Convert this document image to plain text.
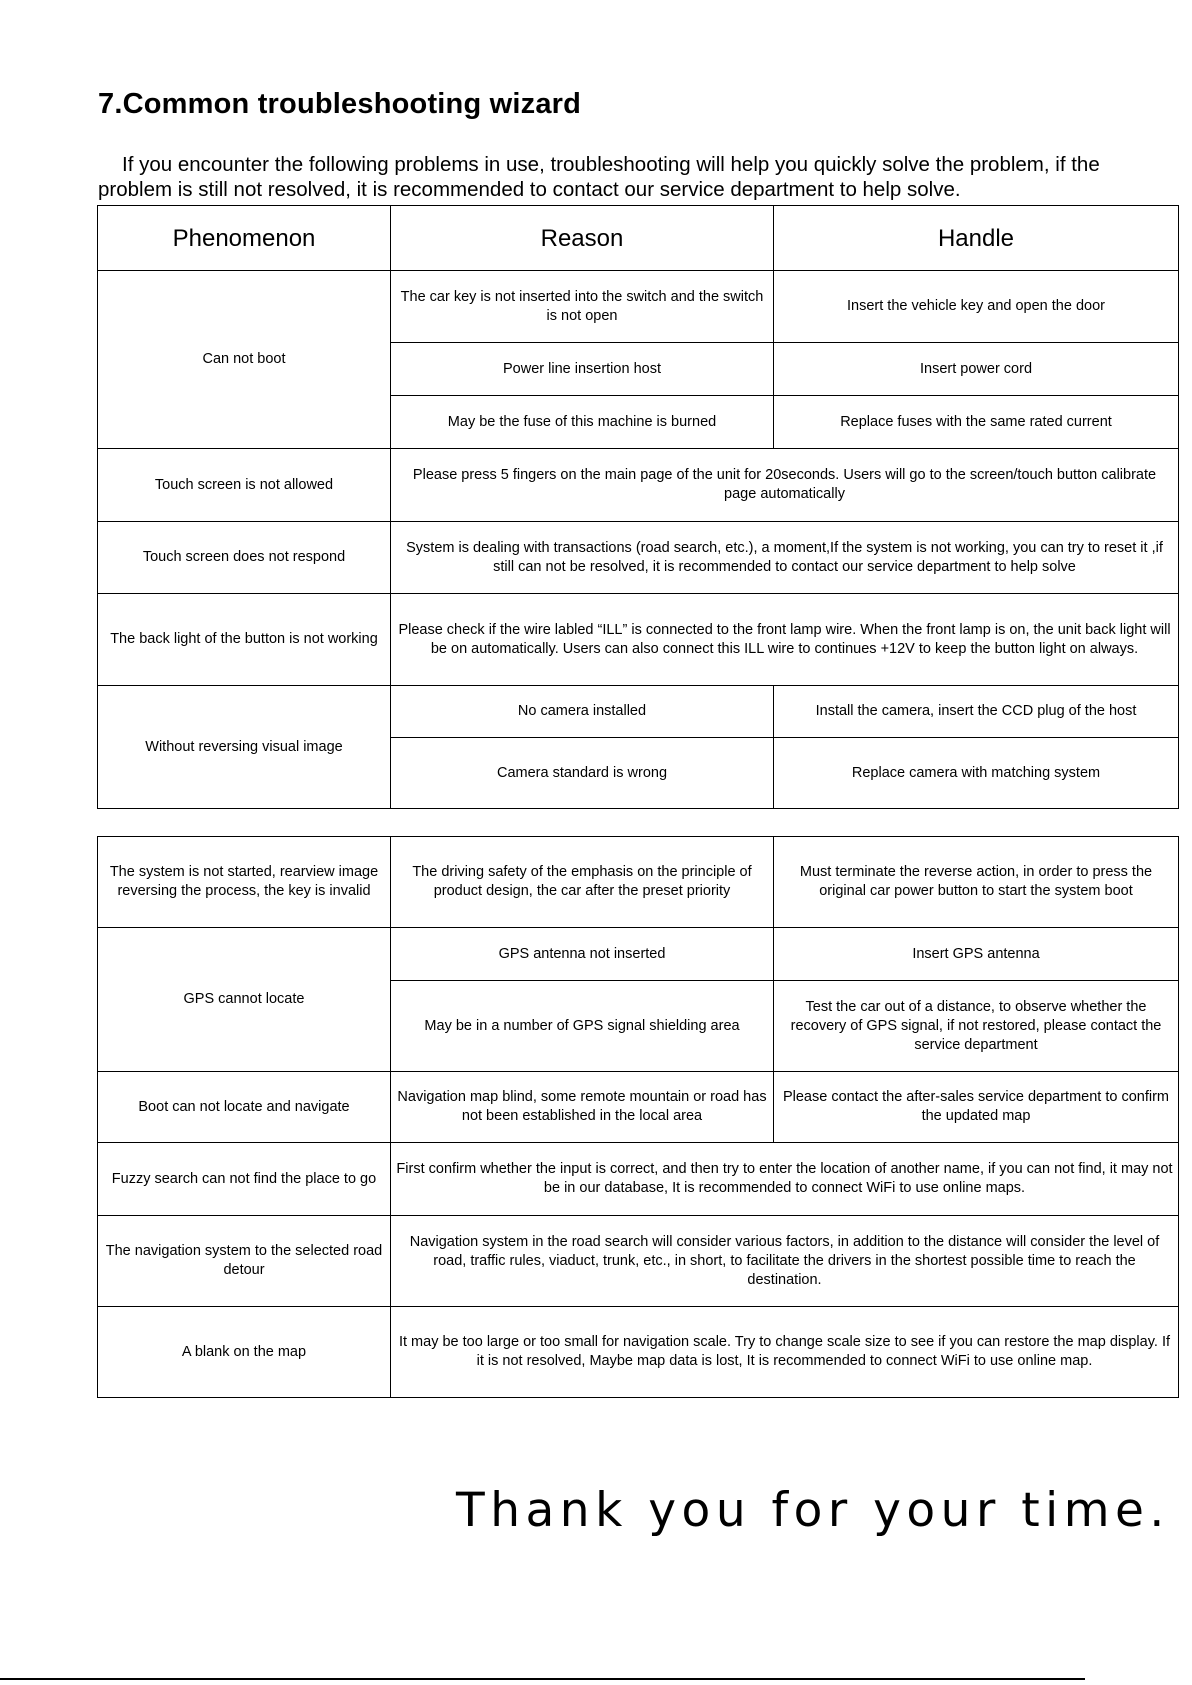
7.Common troubleshooting wizard
If you encounter the following problems in use, troubleshooting will help you quickly solve the problem, if the problem is still not resolved, it is recommended to contact our service department to help solve.
Phenomenon	Reason	Handle
Can not boot	The car key is not inserted into the switch and the switch is not open	Insert the vehicle key and open the door
	Power line insertion host	Insert power cord
	May be the fuse of this machine is burned	Replace fuses with the same rated current
Touch screen is not allowed	Please press 5 fingers on the main page of the unit for 20seconds. Users will go to the screen/touch button calibrate page automatically	
Touch screen does not respond	System is dealing with transactions (road search, etc.), a moment,If the system is not working, you can try to reset it ,if still can not be resolved, it is recommended to contact our service department to help solve	
The back light of the button is not working	Please check if the wire labled “ILL” is connected to the front lamp wire. When the front lamp is on, the unit back light will be on automatically. Users can also connect this ILL wire to continues +12V to keep the button light on always.	
Without reversing visual image	No camera installed	Install the camera, insert the CCD plug of the host
	Camera standard is wrong	Replace camera with matching system
The system is not started, rearview image reversing the process, the key is invalid	The driving safety of the emphasis on the principle of product design, the car after the preset priority	Must terminate the reverse action, in order to press the original car power button to start the system boot
GPS cannot locate	GPS antenna not inserted	Insert GPS antenna
	May be in a number of GPS signal shielding area	Test the car out of a distance, to observe whether the recovery of GPS signal, if not restored, please contact the service department
Boot can not locate and navigate	Navigation map blind, some remote mountain or road has not been established in the local area	Please contact the after-sales service department to confirm the updated map
Fuzzy search can not find the place to go	First confirm whether the input is correct, and then try to enter the location of another name, if you can not find, it may not be in our database, It is recommended to connect WiFi to use online maps.	
The navigation system to the selected road detour	Navigation system in the road search will consider various factors, in addition to the distance will consider the level of road, traffic rules, viaduct, trunk, etc., in short, to facilitate the drivers in the shortest possible time to reach the destination.	
A blank on the map	It may be too large or too small for navigation scale. Try to change scale size to see if you can restore the map display. If it is not resolved, Maybe map data is lost, It is recommended to connect WiFi to use online map.	
Thank you for your time.
